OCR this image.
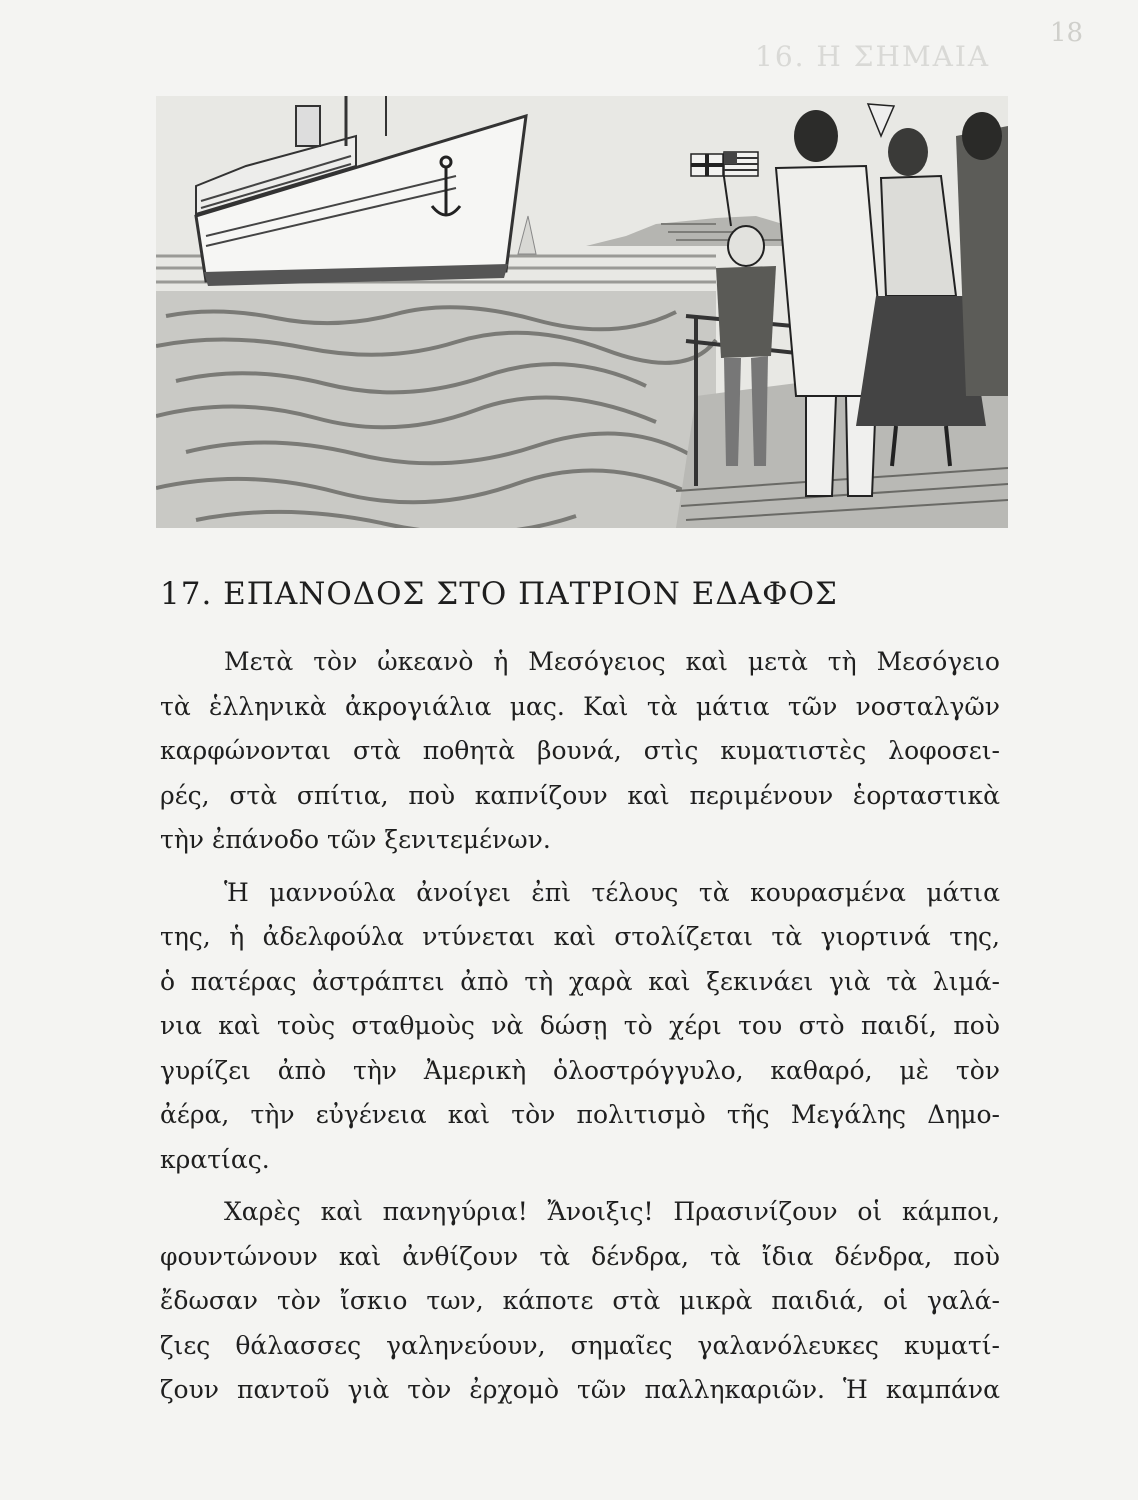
18
16. Η ΣΗΜΑΙΑ
17. ΕΠΑΝΟΔΟΣ ΣΤΟ ΠΑΤΡΙΟΝ ΕΔΑΦΟΣ

Μετὰ τὸν ὠκεανὸ ἡ Μεσόγειος καὶ μετὰ τὴ Μεσόγειο

τὰ ἑλληνικὰ ἀκρογιάλια μας. Καὶ τὰ μάτια τῶν νοσταλγῶν

καρφώνονται στὰ ποθητὰ βουνά, στὶς κυματιστὲς λοφοσει-

ρές, στὰ σπίτια, ποὺ καπνίζουν καὶ περιμένουν ἑορταστικὰ

τὴν ἐπάνοδο τῶν ξενιτεμένων.

Ἡ μαννούλα ἀνοίγει ἐπὶ τέλους τὰ κουρασμένα μάτια

της, ἡ ἀδελφούλα ντύνεται καὶ στολίζεται τὰ γιορτινά της,

ὁ πατέρας ἀστράπτει ἀπὸ τὴ χαρὰ καὶ ξεκινάει γιὰ τὰ λιμά-

νια καὶ τοὺς σταθμοὺς νὰ δώσῃ τὸ χέρι του στὸ παιδί, ποὺ

γυρίζει ἀπὸ τὴν Ἀμερικὴ ὁλοστρόγγυλο, καθαρό, μὲ τὸν

ἀέρα, τὴν εὐγένεια καὶ τὸν πολιτισμὸ τῆς Μεγάλης Δημο-

κρατίας.

Χαρὲς καὶ πανηγύρια! Ἄνοιξις! Πρασινίζουν οἱ κάμποι,

φουντώνουν καὶ ἀνθίζουν τὰ δένδρα, τὰ ἴδια δένδρα, ποὺ

ἔδωσαν τὸν ἴσκιο των, κάποτε στὰ μικρὰ παιδιά, οἱ γαλά-

ζιες θάλασσες γαληνεύουν, σημαῖες γαλανόλευκες κυματί-

ζουν παντοῦ γιὰ τὸν ἐρχομὸ τῶν παλληκαριῶν. Ἡ καμπάνα
